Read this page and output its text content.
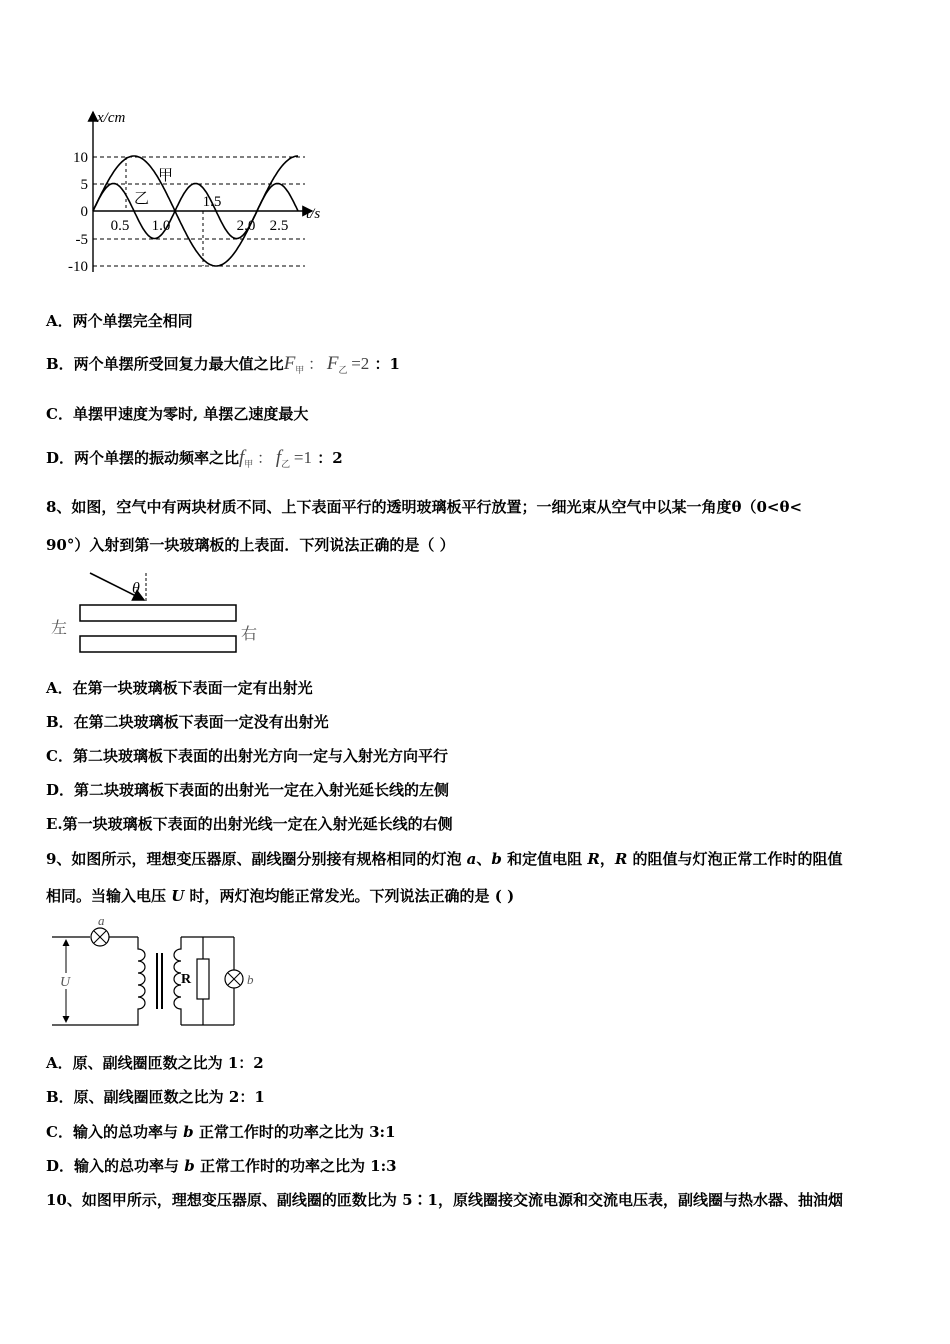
x/cm
t/s
10
5
0
-5
-10
0.5 1.0
1.5
2.0 2.5
甲
乙
A．两个单摆完全相同
B．两个单摆所受回复力最大值之比$F_甲$ ： $F_乙 =2$ ：1
C．单摆甲速度为零时, 单摆乙速度最大
D．两个单摆的振动频率之比$f_甲$ ： $f_乙 =1$ ：2
8、如图，空气中有两块材质不同、上下表面平行的透明玻璃板平行放置；一细光束从空气中以某一角度θ（0<θ<
90°）入射到第一块玻璃板的上表面．下列说法正确的是（ ）
θ
左	右
A．在第一块玻璃板下表面一定有出射光
B．在第二块玻璃板下表面一定没有出射光
C．第二块玻璃板下表面的出射光方向一定与入射光方向平行
D．第二块玻璃板下表面的出射光一定在入射光延长线的左侧
E.第一块玻璃板下表面的出射光线一定在入射光延长线的右侧
9、如图所示，理想变压器原、副线圈分别接有规格相同的灯泡 a、b 和定值电阻 R，R 的阻值与灯泡正常工作时的阻值
相同。当输入电压 U 时，两灯泡均能正常发光。下列说法正确的是 ( )
a
U	R	b
A．原、副线圈匝数之比为 1：2
B．原、副线圈匝数之比为 2：1
C．输入的总功率与 b 正常工作时的功率之比为 3:1
D．输入的总功率与 b 正常工作时的功率之比为 1:3
10、如图甲所示，理想变压器原、副线圈的匝数比为 5∶1，原线圈接交流电源和交流电压表，副线圈与热水器、抽油烟
